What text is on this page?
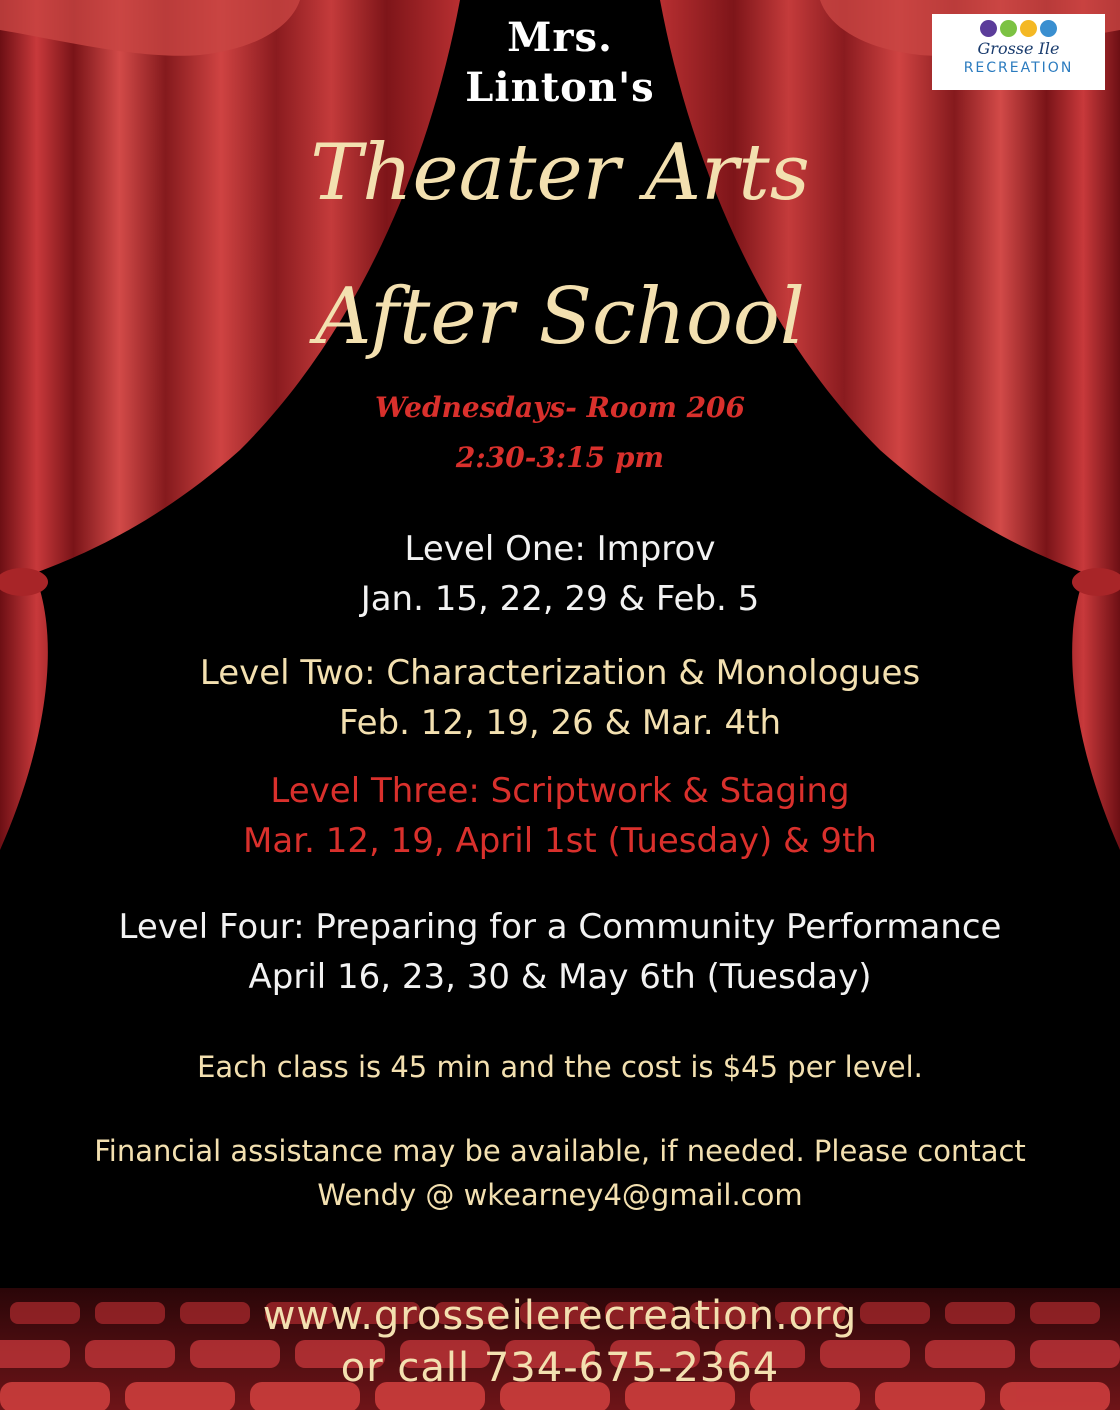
Grosse Ile
RECREATION

Mrs.

Linton's

Theater Arts

After School

Wednesdays- Room 206

2:30-3:15 pm

Level One: Improv

Jan. 15, 22, 29 & Feb. 5

Level Two: Characterization & Monologues

Feb. 12, 19, 26 & Mar. 4th

Level Three: Scriptwork & Staging

Mar. 12, 19, April 1st (Tuesday) & 9th

Level Four: Preparing for a Community Performance

April 16, 23, 30 & May 6th (Tuesday)

Each class is 45 min and the cost is $45 per level.

Financial assistance may be available, if needed. Please contact

Wendy @ wkearney4@gmail.com

www.grosseilerecreation.org

or call 734-675-2364
